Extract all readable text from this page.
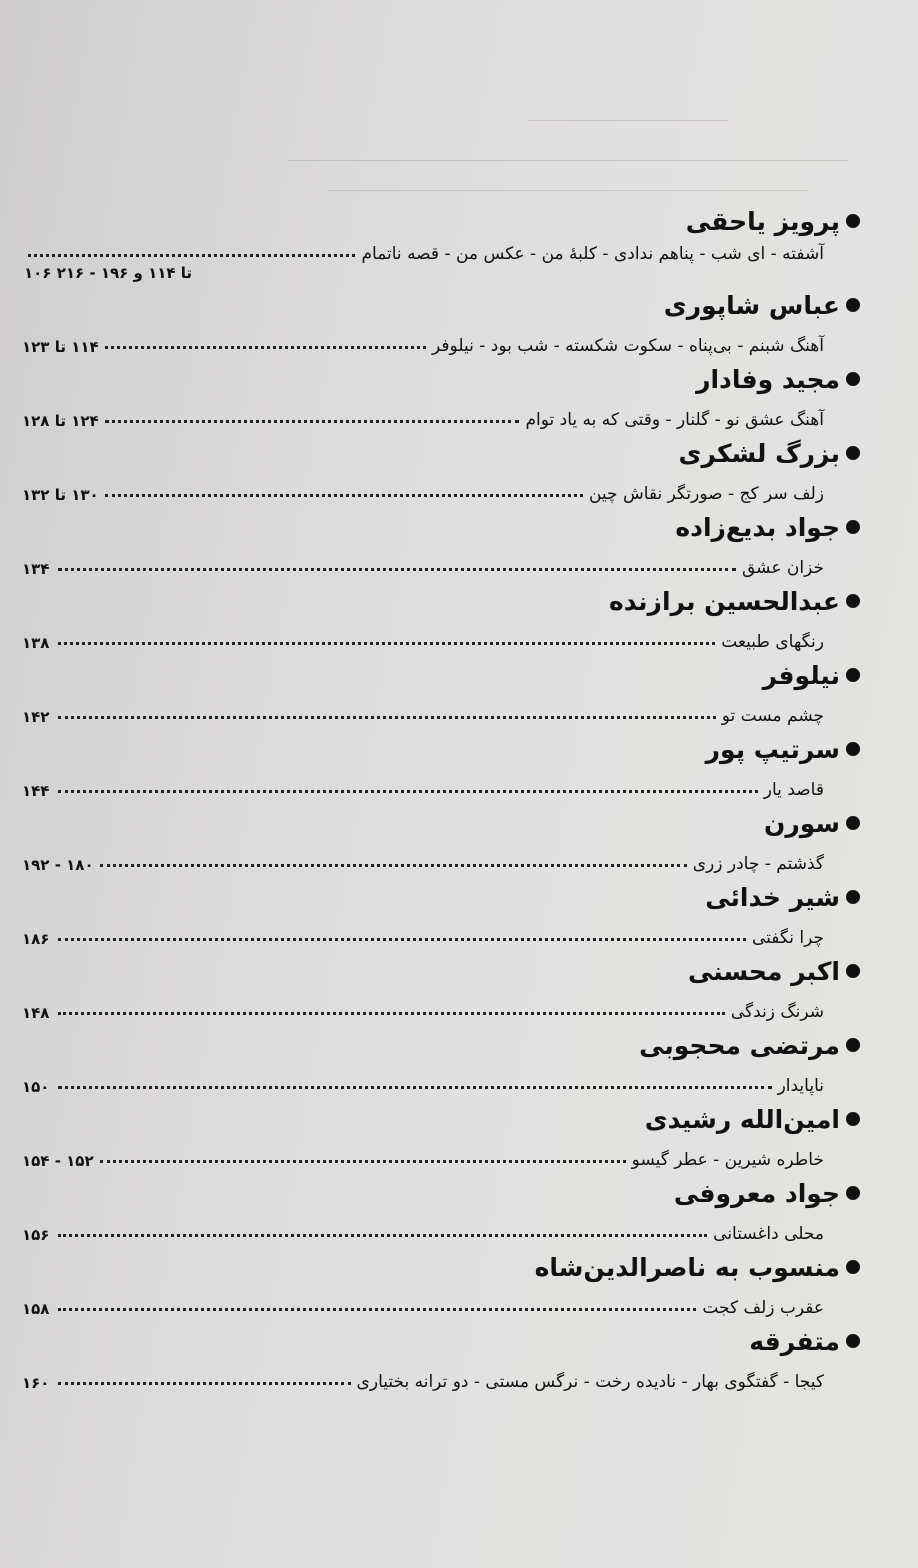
پرویز یاحقی
آشفته - ای شب - پناهم ندادی - کلبهٔ من - عکس من - قصه ناتمام
۱۰۶ تا ۱۱۴ و ۱۹۶ - ۲۱۶
عباس شاپوری
آهنگ شبنم - بی‌پناه - سکوت شکسته - شب بود - نیلوفر
۱۱۴ تا ۱۲۳
مجید وفادار
آهنگ عشق نو - گلنار - وقتی که به یاد توام
۱۲۴ تا ۱۲۸
بزرگ لشکری
زلف سر کج - صورتگر نقاش چین
۱۳۰ تا ۱۳۲
جواد بدیع‌زاده
خزان عشق
۱۳۴
عبدالحسین برازنده
رنگهای طبیعت
۱۳۸
نیلوفر
چشم مست تو
۱۴۲
سرتیپ پور
قاصد یار
۱۴۴
سورن
گذشتم - چادر زری
۱۸۰ - ۱۹۲
شیر خدائی
چرا نگفتی
۱۸۶
اکبر محسنی
شرنگ زندگی
۱۴۸
مرتضی محجوبی
ناپایدار
۱۵۰
امین‌الله رشیدی
خاطره شیرین - عطر گیسو
۱۵۲ - ۱۵۴
جواد معروفی
محلی داغستانی
۱۵۶
منسوب به ناصرالدین‌شاه
عقرب زلف کجت
۱۵۸
متفرقه
کیجا - گفتگوی بهار - نادیده رخت - نرگس مستی - دو ترانه بختیاری
۱۶۰
